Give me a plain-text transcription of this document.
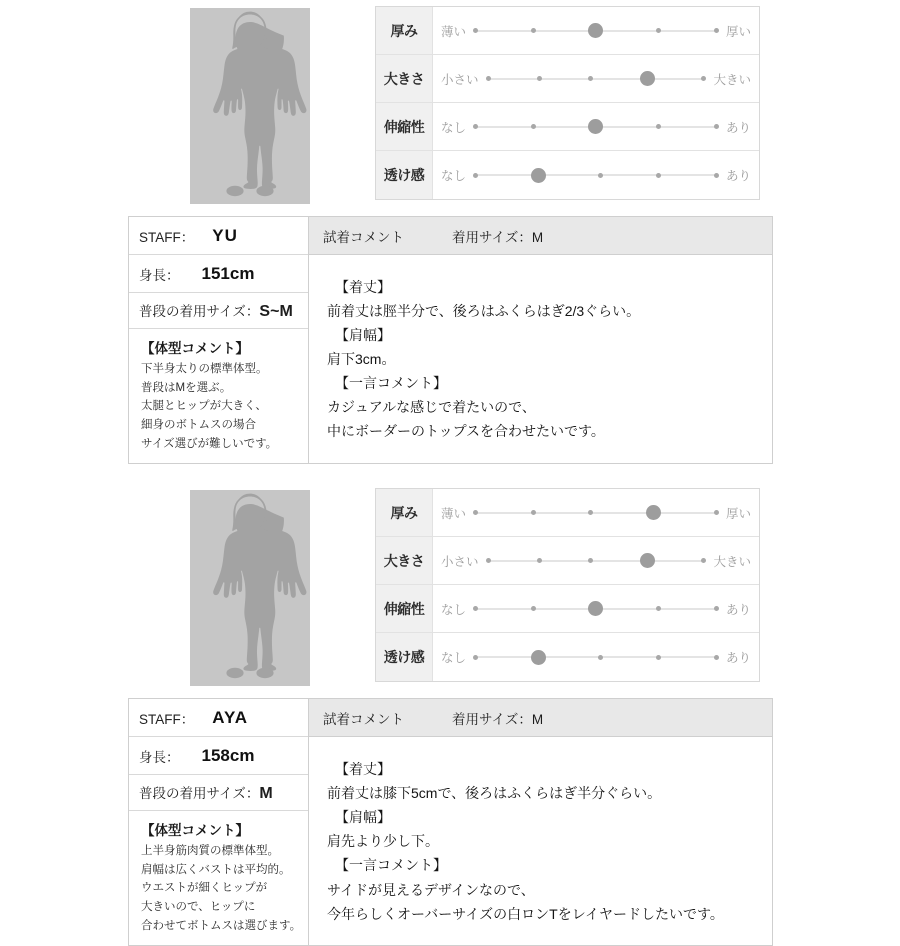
厚み	薄い	厚い
大きさ	小さい	大きい
伸縮性	なし	あり
透け感	なし	あり
STAFF： YU
身長： 151cm
普段の着用サイズ：S~M
【体型コメント】
下半身太りの標準体型。
普段はMを選ぶ。
太腿とヒップが大きく、
細身のボトムスの場合
サイズ選びが難しいです。
試着コメント	着用サイズ：M
【着丈】
前着丈は脛半分で、後ろはふくらはぎ2/3ぐらい。
【肩幅】
肩下3cm。
【一言コメント】
カジュアルな感じで着たいので、
中にボーダーのトップスを合わせたいです。
厚み	薄い	厚い
大きさ	小さい	大きい
伸縮性	なし	あり
透け感	なし	あり
STAFF： AYA
身長： 158cm
普段の着用サイズ：M
【体型コメント】
上半身筋肉質の標準体型。
肩幅は広くバストは平均的。
ウエストが細くヒップが
大きいので、ヒップに
合わせてボトムスは選びます。
試着コメント	着用サイズ：M
【着丈】
前着丈は膝下5cmで、後ろはふくらはぎ半分ぐらい。
【肩幅】
肩先より少し下。
【一言コメント】
サイドが見えるデザインなので、
今年らしくオーバーサイズの白ロンTをレイヤードしたいです。
